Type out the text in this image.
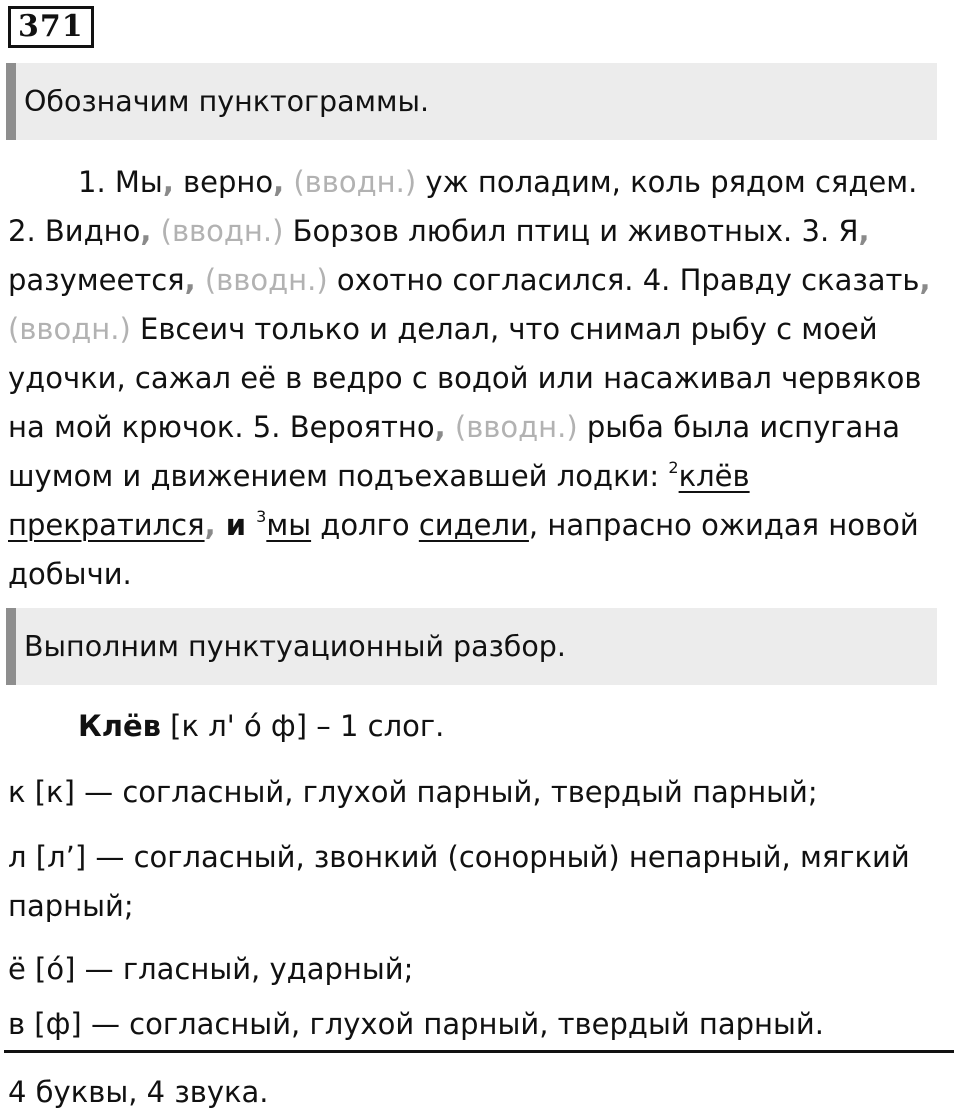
371
Обозначим пунктограммы.
1. Мы, верно, (вводн.) уж поладим, коль рядом сядем.
2. Видно, (вводн.) Борзов любил птиц и животных. 3. Я,
разумеется, (вводн.) охотно согласился. 4. Правду сказать,
(вводн.) Евсеич только и делал, что снимал рыбу с моей
удочки, сажал её в ведро с водой или насаживал червяков
на мой крючок. 5. Вероятно, (вводн.) рыба была испугана
шумом и движением подъехавшей лодки: $^2$клёв
прекратился, и $^3$мы долго сидели, напрасно ожидая новой
добычи.
Выполним пунктуационный разбор.
Клёв [к л' о́ ф] – 1 слог.
к [к] — согласный, глухой парный, твердый парный;
л [л’] — согласный, звонкий (сонорный) непарный, мягкий
парный;
ё [о́] — гласный, ударный;
в [ф] — согласный, глухой парный, твердый парный.
4 буквы, 4 звука.
